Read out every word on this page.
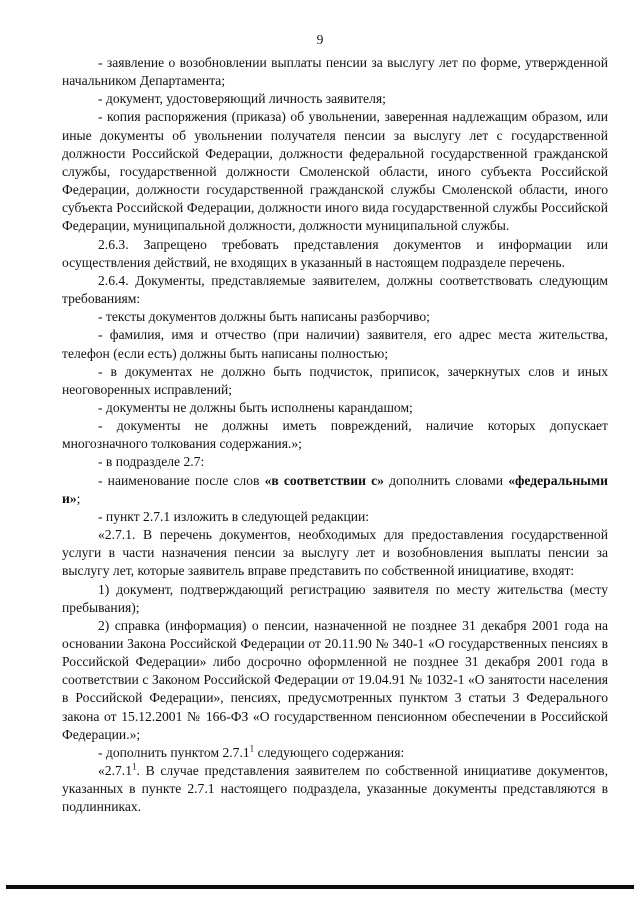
9

- заявление о возобновлении выплаты пенсии за выслугу лет по форме, утвержденной начальником Департамента;

- документ, удостоверяющий личность заявителя;

- копия распоряжения (приказа) об увольнении, заверенная надлежащим образом, или иные документы об увольнении получателя пенсии за выслугу лет с государственной должности Российской Федерации, должности федеральной государственной гражданской службы, государственной должности Смоленской области, иного субъекта Российской Федерации, должности государственной гражданской службы Смоленской области, иного субъекта Российской Федерации, должности иного вида государственной службы Российской Федерации, муниципальной должности, должности муниципальной службы.

2.6.3. Запрещено требовать представления документов и информации или осуществления действий, не входящих в указанный в настоящем подразделе перечень.

2.6.4. Документы, представляемые заявителем, должны соответствовать следующим требованиям:

- тексты документов должны быть написаны разборчиво;

- фамилия, имя и отчество (при наличии) заявителя, его адрес места жительства, телефон (если есть) должны быть написаны полностью;

- в документах не должно быть подчисток, приписок, зачеркнутых слов и иных неоговоренных исправлений;

- документы не должны быть исполнены карандашом;

- документы не должны иметь повреждений, наличие которых допускает многозначного толкования содержания.»;

- в подразделе 2.7:

- наименование после слов «в соответствии с» дополнить словами «федеральными и»;

- пункт 2.7.1 изложить в следующей редакции:

«2.7.1. В перечень документов, необходимых для предоставления государственной услуги в части назначения пенсии за выслугу лет и возобновления выплаты пенсии за выслугу лет, которые заявитель вправе представить по собственной инициативе, входят:

1) документ, подтверждающий регистрацию заявителя по месту жительства (месту пребывания);

2) справка (информация) о пенсии, назначенной не позднее 31 декабря 2001 года на основании Закона Российской Федерации от 20.11.90 № 340-1 «О государственных пенсиях в Российской Федерации» либо досрочно оформленной не позднее 31 декабря 2001 года в соответствии с Законом Российской Федерации от 19.04.91 № 1032-1 «О занятости населения в Российской Федерации», пенсиях, предусмотренных пунктом 3 статьи 3 Федерального закона от 15.12.2001 № 166-ФЗ «О государственном пенсионном обеспечении в Российской Федерации.»;

- дополнить пунктом 2.7.1$^1$ следующего содержания:

«2.7.1$^1$. В случае представления заявителем по собственной инициативе документов, указанных в пункте 2.7.1 настоящего подраздела, указанные документы представляются в подлинниках.
